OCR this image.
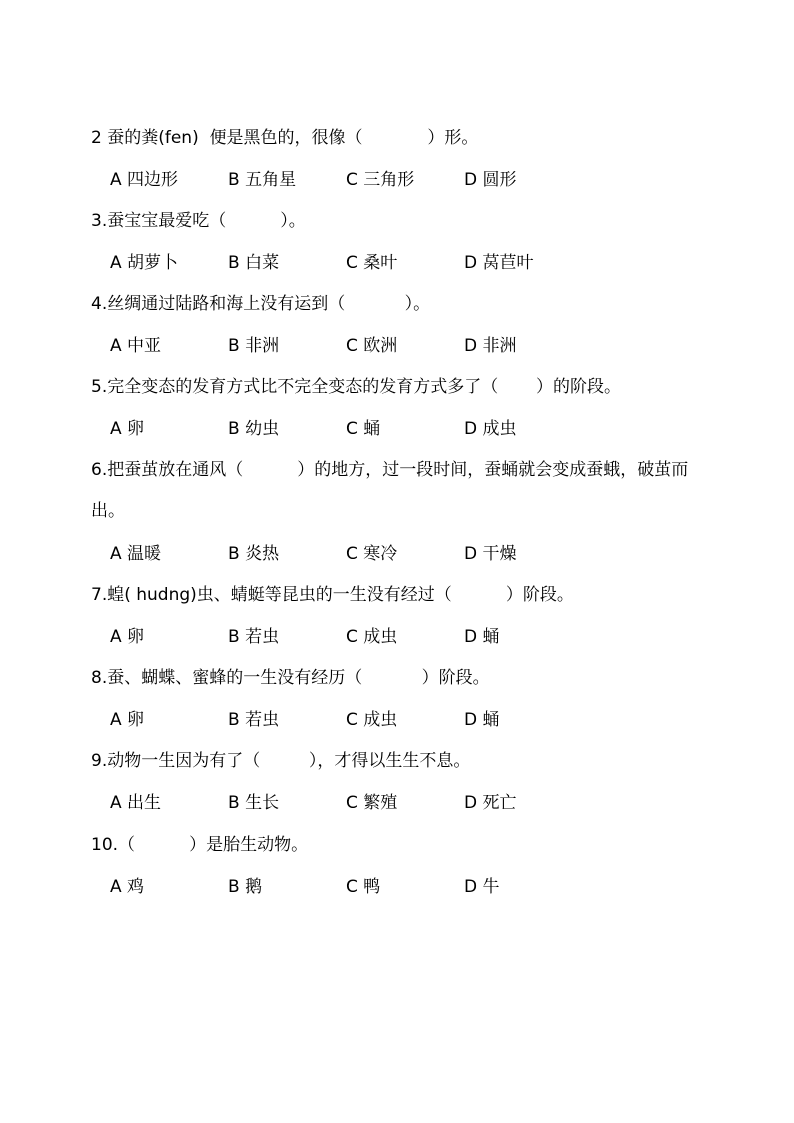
2 蚕的粪(fen)  便是黑色的，很像（            ）形。
A 四边形	B 五角星	C 三角形	D 圆形
3.蚕宝宝最爱吃（          ）。
A 胡萝卜	B 白菜	C 桑叶	D 莴苣叶
4.丝绸通过陆路和海上没有运到（           ）。
A 中亚	B 非洲	C 欧洲	D 非洲
5.完全变态的发育方式比不完全变态的发育方式多了（       ）的阶段。
A 卵	B 幼虫	C 蛹	D 成虫
6.把蚕茧放在通风（          ）的地方，过一段时间，蚕蛹就会变成蚕蛾，破茧而出。
A 温暖	B 炎热	C 寒冷	D 干燥
7.蝗( hudng)虫、蜻蜓等昆虫的一生没有经过（          ）阶段。
A 卵	B 若虫	C 成虫	D 蛹
8.蚕、蝴蝶、蜜蜂的一生没有经历（           ）阶段。
A 卵	B 若虫	C 成虫	D 蛹
9.动物一生因为有了（         ），才得以生生不息。
A 出生	B 生长	C 繁殖	D 死亡
10.（          ）是胎生动物。
A 鸡	B 鹅	C 鸭	D 牛
